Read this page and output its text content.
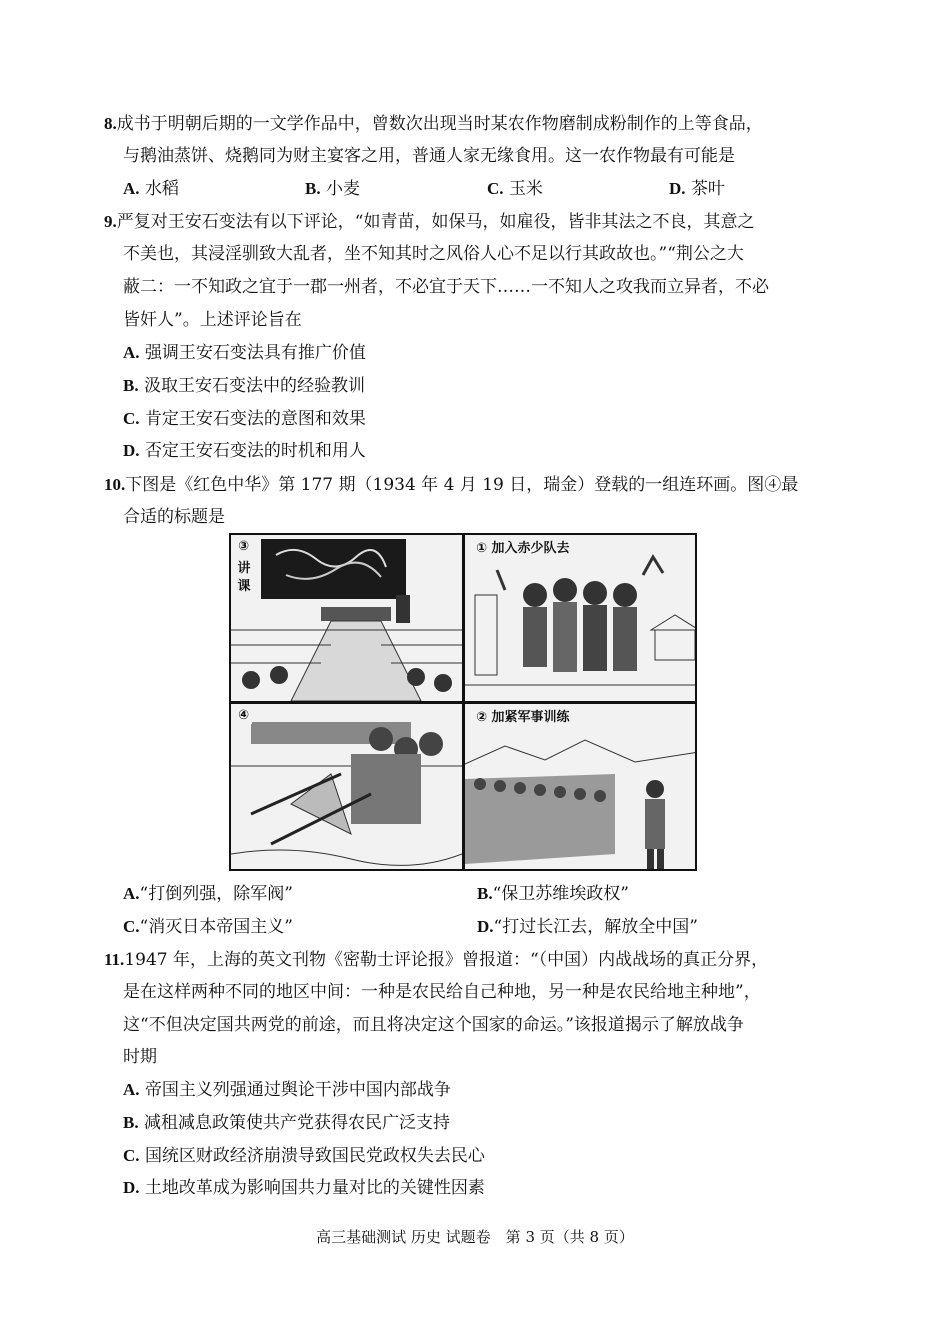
8.成书于明朝后期的一文学作品中，曾数次出现当时某农作物磨制成粉制作的上等食品，
与鹅油蒸饼、烧鹅同为财主宴客之用，普通人家无缘食用。这一农作物最有可能是
A. 水稻	B. 小麦	C. 玉米	D. 茶叶
9.严复对王安石变法有以下评论，“如青苗，如保马，如雇役，皆非其法之不良，其意之
不美也，其浸淫驯致大乱者，坐不知其时之风俗人心不足以行其政故也。”“荆公之大
蔽二：一不知政之宜于一郡一州者，不必宜于天下……一不知人之攻我而立异者，不必
皆奸人”。上述评论旨在
A. 强调王安石变法具有推广价值
B. 汲取王安石变法中的经验教训
C. 肯定王安石变法的意图和效果
D. 否定王安石变法的时机和用人
10.下图是《红色中华》第 177 期（1934 年 4 月 19 日，瑞金）登载的一组连环画。图④最
合适的标题是
③
讲
课
① 加入赤少队去
④	② 加紧军事训练
A.“打倒列强，除军阀”	B.“保卫苏维埃政权”
C.“消灭日本帝国主义”	D.“打过长江去，解放全中国”
11.1947 年，上海的英文刊物《密勒士评论报》曾报道：“（中国）内战战场的真正分界，
是在这样两种不同的地区中间：一种是农民给自己种地，另一种是农民给地主种地”，
这“不但决定国共两党的前途，而且将决定这个国家的命运。”该报道揭示了解放战争
时期
A. 帝国主义列强通过舆论干涉中国内部战争
B. 减租减息政策使共产党获得农民广泛支持
C. 国统区财政经济崩溃导致国民党政权失去民心
D. 土地改革成为影响国共力量对比的关键性因素
高三基础测试 历史 试题卷　第 3 页（共 8 页）
